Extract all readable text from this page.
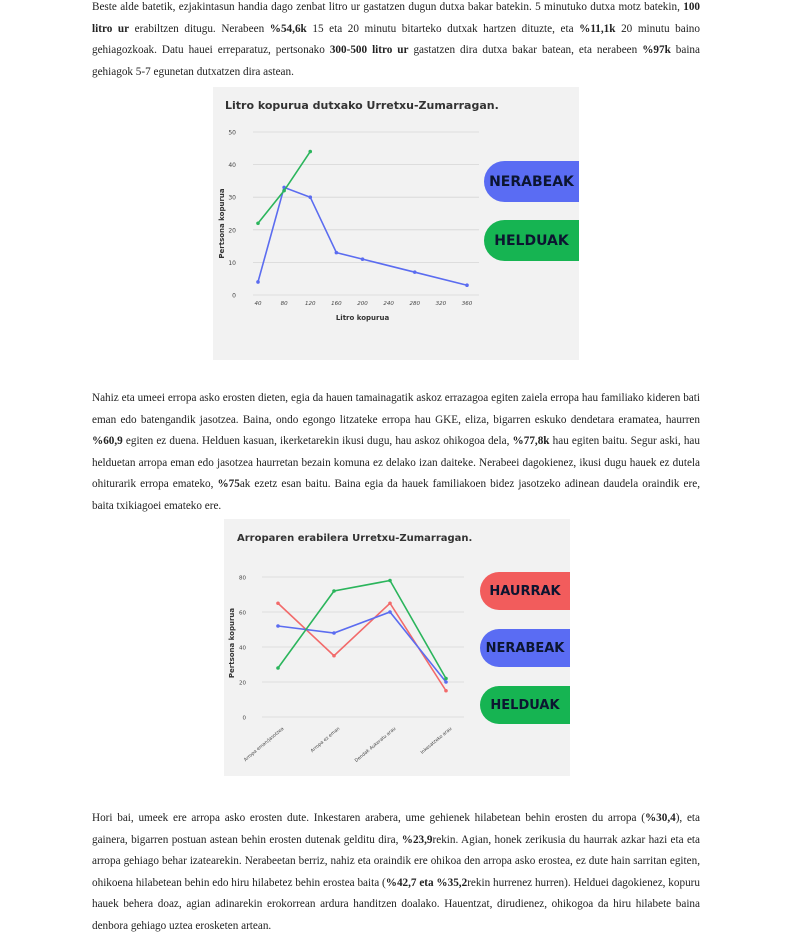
Beste alde batetik, ezjakintasun handia dago zenbat litro ur gastatzen dugun dutxa bakar batekin. 5 minutuko dutxa motz batekin, 100 litro ur erabiltzen ditugu. Nerabeen %54,6k 15 eta 20 minutu bitarteko dutxak hartzen dituzte, eta %11,1k 20 minutu baino gehiagozkoak. Datu hauei erreparatuz, pertsonako 300-500 litro ur gastatzen dira dutxa bakar batean, eta nerabeen %97k baina gehiagok 5-7 egunetan dutxatzen dira astean.

Litro kopurua dutxako Urretxu-Zumarragan.
0
10
20
30
40
50
40	80	120	160	200	240	280	320	360
Litro kopurua
Pertsona kopurua
NERABEAK
HELDUAK

Nahiz eta umeei erropa asko erosten dieten, egia da hauen tamainagatik askoz errazagoa egiten zaiela erropa hau familiako kideren bati eman edo batengandik jasotzea. Baina, ondo egongo litzateke erropa hau GKE, eliza, bigarren eskuko dendetara eramatea, haurren %60,9 egiten ez duena. Helduen kasuan, ikerketarekin ikusi dugu, hau askoz ohikogoa dela, %77,8k hau egiten baitu. Segur aski, hau helduetan arropa eman edo jasotzea haurretan bezain komuna ez delako izan daiteke. Nerabeei dagokienez, ikusi dugu hauek ez dutela ohiturarik erropa emateko, %75ak ezetz esan baitu. Baina egia da hauek familiakoen bidez jasotzeko adinean daudela oraindik ere, baita txikiagoei emateko ere.

Arroparen erabilera Urretxu-Zumarragan.
0
20
40
60
80
Arropa eman/jasotzea	Arropa ez eman	Dendak Aukeratu arau	Inkesatzeko arau
Pertsona kopurua
HAURRAK
NERABEAK
HELDUAK

Hori bai, umeek ere arropa asko erosten dute. Inkestaren arabera, ume gehienek hilabetean behin erosten du arropa (%30,4), eta gainera, bigarren postuan astean behin erosten dutenak gelditu dira, %23,9rekin. Agian, honek zerikusia du haurrak azkar hazi eta eta arropa gehiago behar izatearekin. Nerabeetan berriz, nahiz eta oraindik ere ohikoa den arropa asko erostea, ez dute hain sarritan egiten, ohikoena hilabetean behin edo hiru hilabetez behin erostea baita (%42,7 eta %35,2rekin hurrenez hurren). Helduei dagokienez, kopuru hauek behera doaz, agian adinarekin erokorrean ardura handitzen doalako. Hauentzat, dirudienez, ohikogoa da hiru hilabete baina denbora gehiago uztea erosketen artean.
